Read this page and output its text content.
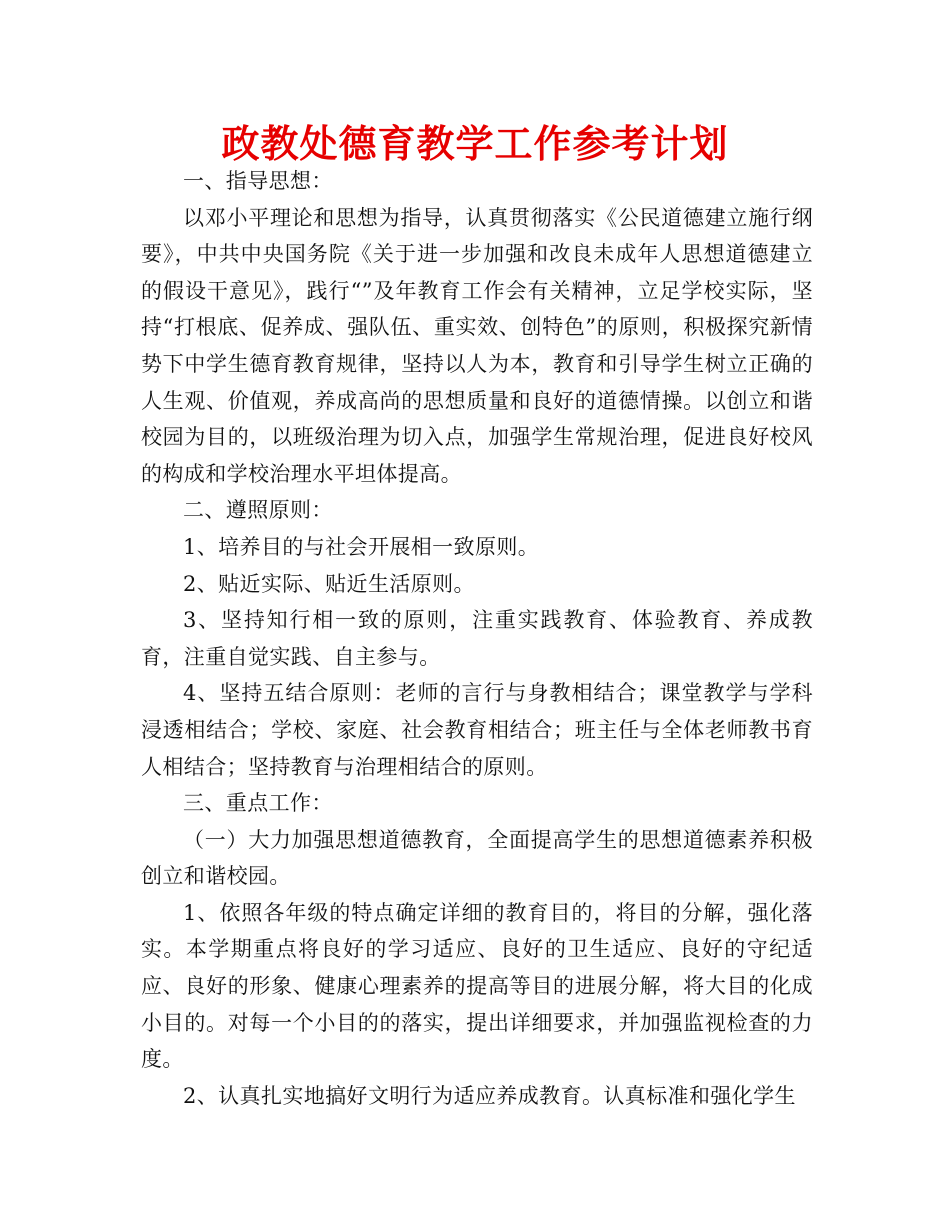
政教处德育教学工作参考计划

一、指导思想：

以邓小平理论和思想为指导，认真贯彻落实《公民道德建立施行纲要》，中共中央国务院《关于进一步加强和改良未成年人思想道德建立的假设干意见》，践行“”及年教育工作会有关精神，立足学校实际，坚持“打根底、促养成、强队伍、重实效、创特色”的原则，积极探究新情势下中学生德育教育规律，坚持以人为本，教育和引导学生树立正确的人生观、价值观，养成高尚的思想质量和良好的道德情操。以创立和谐校园为目的，以班级治理为切入点，加强学生常规治理，促进良好校风的构成和学校治理水平坦体提高。

二、遵照原则：

1、培养目的与社会开展相一致原则。

2、贴近实际、贴近生活原则。

3、坚持知行相一致的原则，注重实践教育、体验教育、养成教育，注重自觉实践、自主参与。

4、坚持五结合原则：老师的言行与身教相结合；课堂教学与学科浸透相结合；学校、家庭、社会教育相结合；班主任与全体老师教书育人相结合；坚持教育与治理相结合的原则。

三、重点工作：

（一）大力加强思想道德教育，全面提高学生的思想道德素养积极创立和谐校园。

1、依照各年级的特点确定详细的教育目的，将目的分解，强化落实。本学期重点将良好的学习适应、良好的卫生适应、良好的守纪适应、良好的形象、健康心理素养的提高等目的进展分解，将大目的化成小目的。对每一个小目的的落实，提出详细要求，并加强监视检查的力度。

2、认真扎实地搞好文明行为适应养成教育。认真标准和强化学生
